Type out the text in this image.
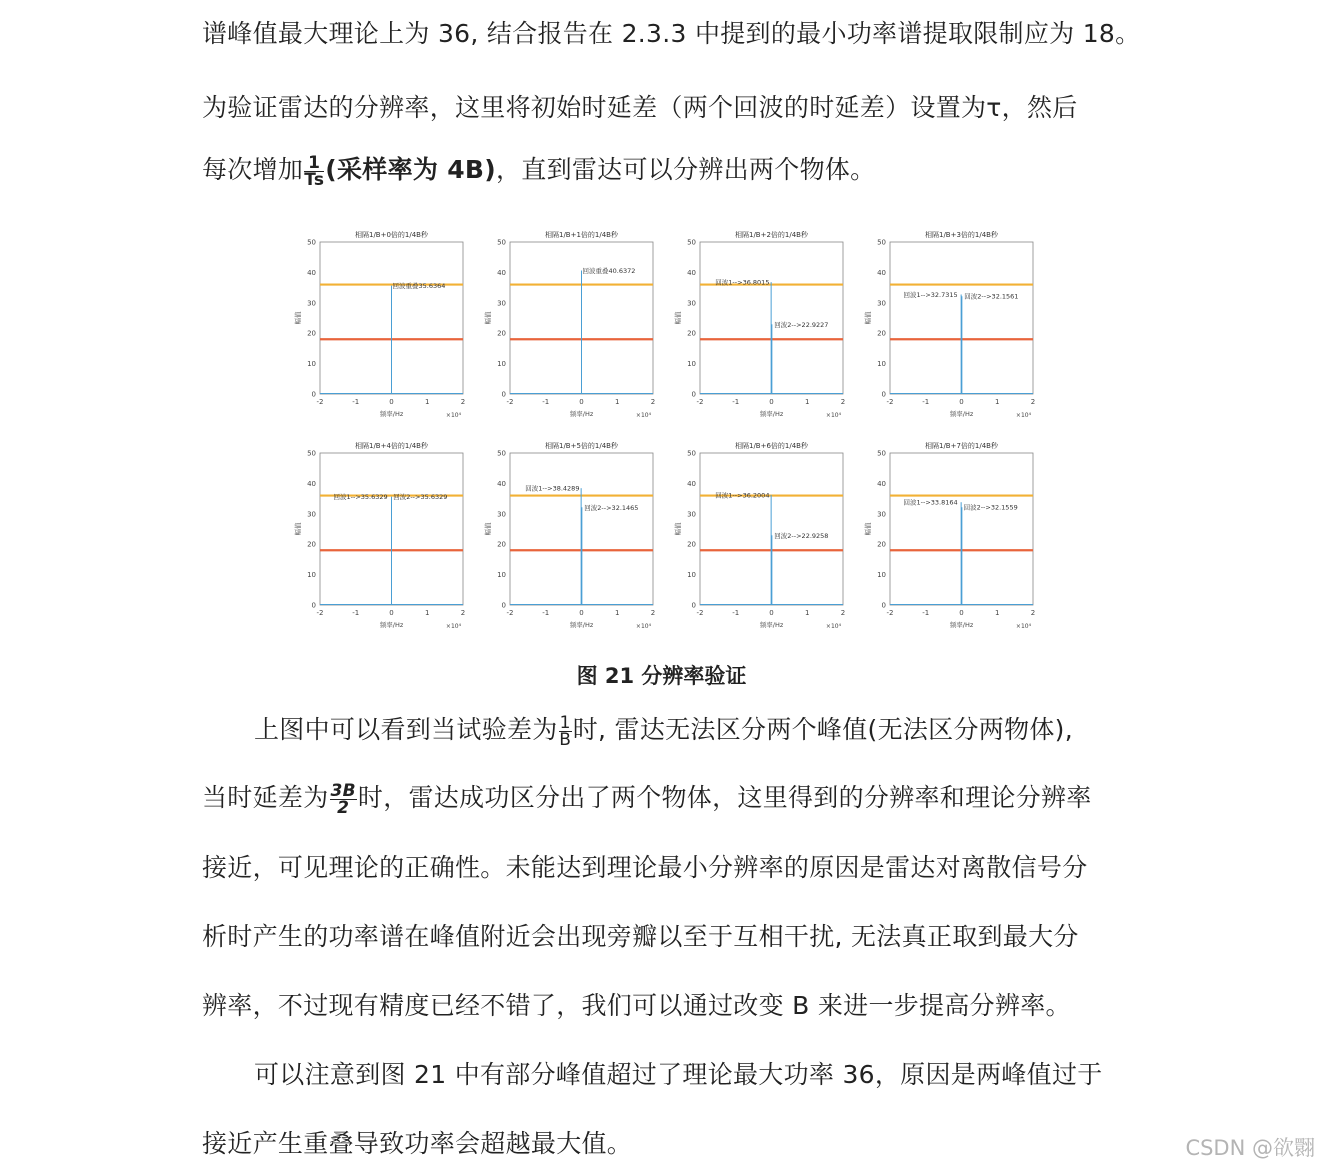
谱峰值最大理论上为 36, 结合报告在 2.3.3 中提到的最小功率谱提取限制应为 18。
为验证雷达的分辨率，这里将初始时延差（两个回波的时延差）设置为τ，然后
每次增加 $\frac{1}{Ts}$ (采样率为 4B)，直到雷达可以分辨出两个物体。
相隔1/B+0倍的1/4B秒
0
10
20
30
40
50
-2	-1	0	1	2
频率/Hz	×10⁴
幅值
回波重叠35.6364
相隔1/B+1倍的1/4B秒
0
10
20
30
40
50
-2	-1	0	1	2
频率/Hz	×10⁴
幅值
回波重叠40.6372
相隔1/B+2倍的1/4B秒
0
10
20
30
40
50
-2	-1	0	1	2
频率/Hz	×10⁴
幅值
回波1-->36.8015
回波2-->22.9227
相隔1/B+3倍的1/4B秒
0
10
20
30
40
50
-2	-1	0	1	2
频率/Hz	×10⁴
幅值
回波1-->32.7315 回波2-->32.1561
相隔1/B+4倍的1/4B秒
0
10
20
30
40
50
-2	-1	0	1	2
频率/Hz	×10⁴
幅值
回波1-->35.6329 回波2-->35.6329
相隔1/B+5倍的1/4B秒
0
10
20
30
40
50
-2	-1	0	1	2
频率/Hz	×10⁴
幅值
回波1-->38.4289
回波2-->32.1465
相隔1/B+6倍的1/4B秒
0
10
20
30
40
50
-2	-1	0	1	2
频率/Hz	×10⁴
幅值
回波1-->36.2004
回波2-->22.9258
相隔1/B+7倍的1/4B秒
0
10
20
30
40
50
-2	-1	0	1	2
频率/Hz	×10⁴
幅值
回波1-->33.8164
回波2-->32.1559
图 21 分辨率验证
上图中可以看到当试验差为 $\frac{1}{B}$ 时, 雷达无法区分两个峰值(无法区分两物体),
当时延差为 $\frac{3B}{2}$ 时，雷达成功区分出了两个物体，这里得到的分辨率和理论分辨率
接近，可见理论的正确性。未能达到理论最小分辨率的原因是雷达对离散信号分
析时产生的功率谱在峰值附近会出现旁瓣以至于互相干扰, 无法真正取到最大分
辨率，不过现有精度已经不错了，我们可以通过改变 B 来进一步提高分辨率。
可以注意到图 21 中有部分峰值超过了理论最大功率 36，原因是两峰值过于
接近产生重叠导致功率会超越最大值。	CSDN @欲翾
